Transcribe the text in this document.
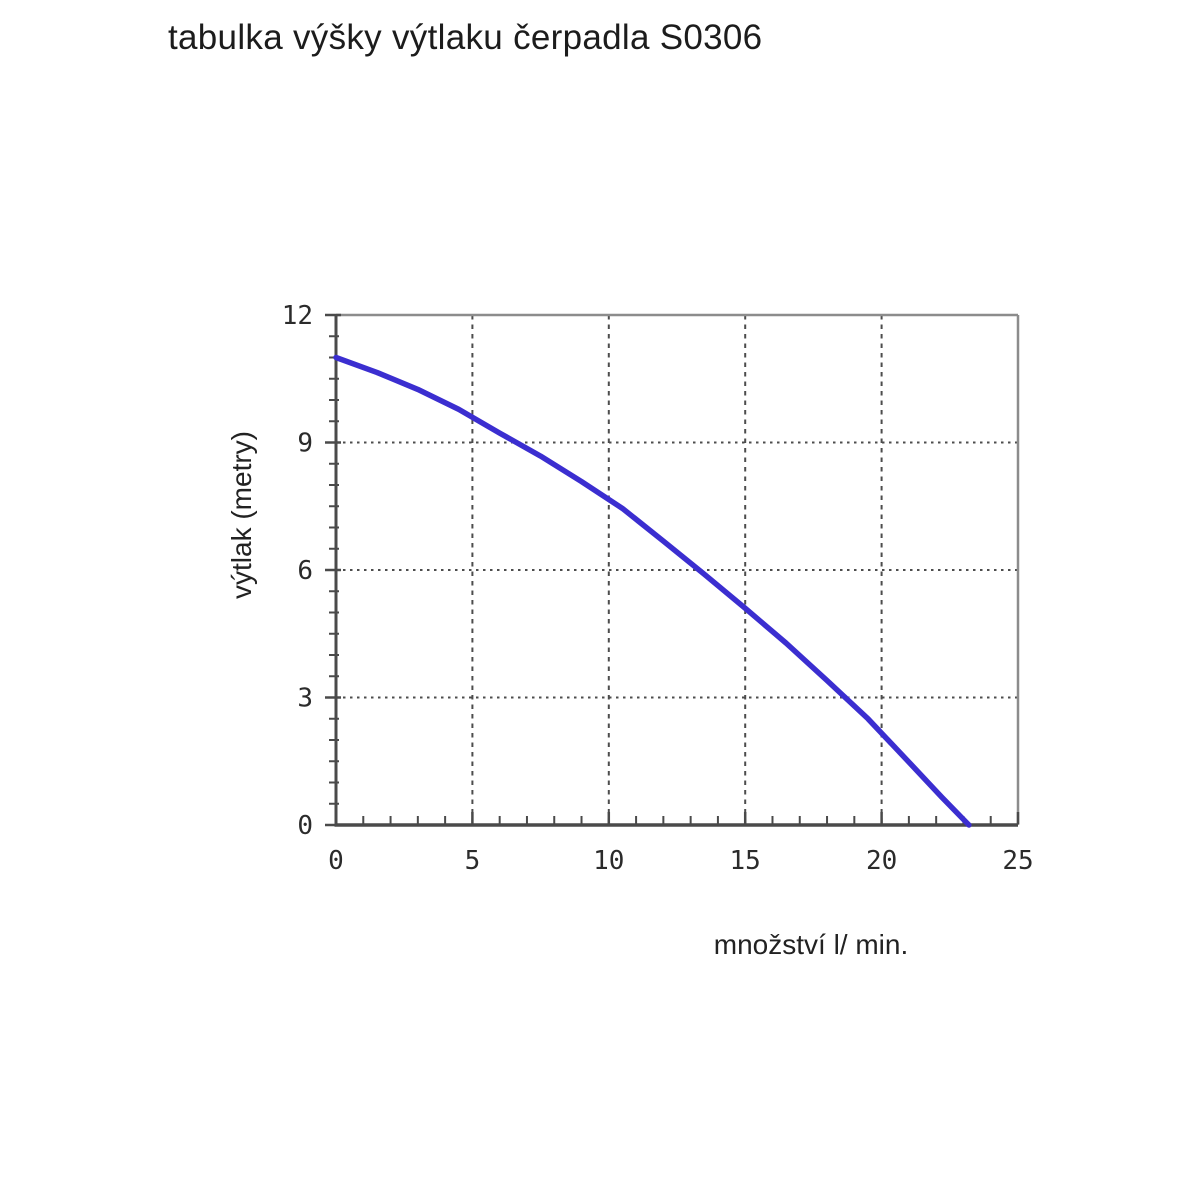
tabulka výšky výtlaku čerpadla S0306
výtlak (metry)
0
3
6
9
12
0	5	10	15	20	25
množství l/ min.
